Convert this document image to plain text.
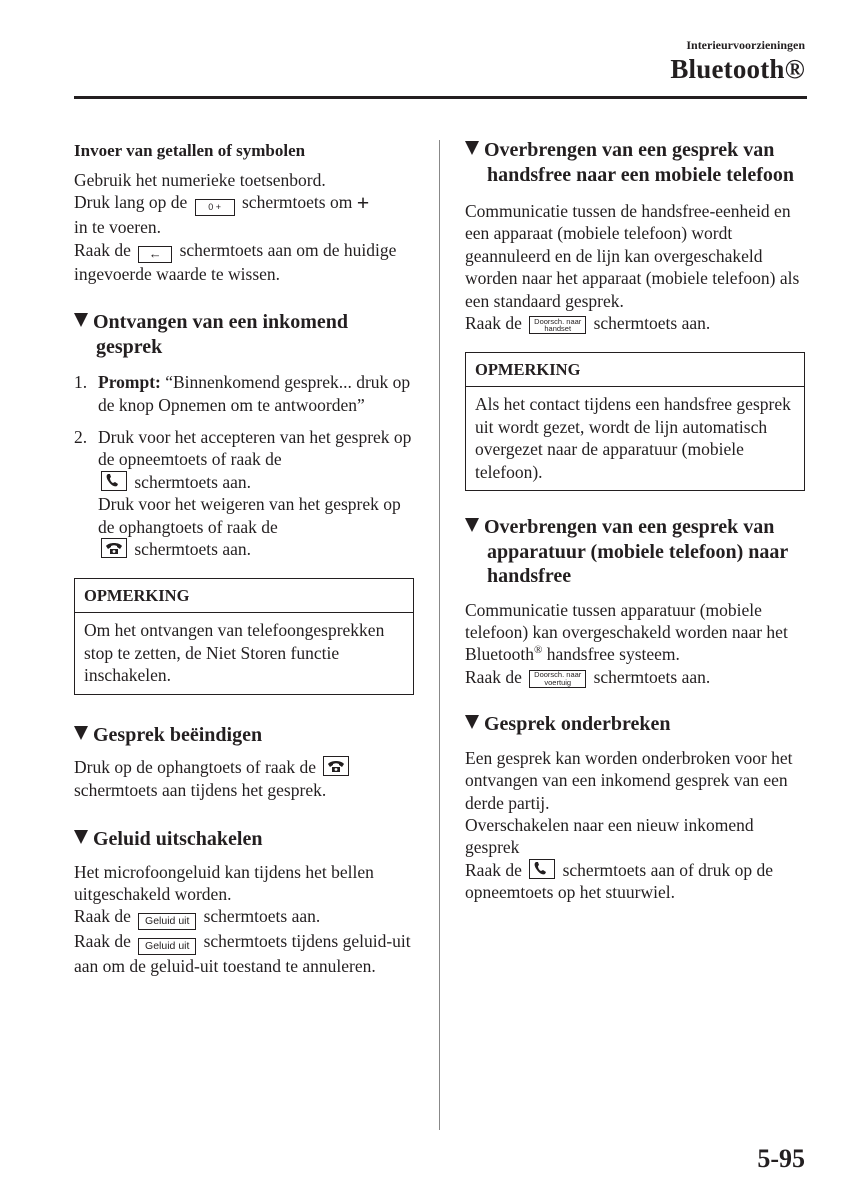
Interieurvoorzieningen
Bluetooth®

Invoer van getallen of symbolen

Gebruik het numerieke toetsenbord.
Druk lang op de 0 + schermtoets om +
in te voeren.
Raak de ← schermtoets aan om de huidige ingevoerde waarde te wissen.

Ontvangen van een inkomend gesprek

1. Prompt: “Binnenkomend gesprek... druk op de knop Opnemen om te antwoorden”
2. Druk voor het accepteren van het gesprek op de opneemtoets of raak de

schermtoets aan.
Druk voor het weigeren van het gesprek op de ophangtoets of raak de

schermtoets aan.
OPMERKING
Om het ontvangen van telefoongesprekken stop te zetten, de Niet Storen functie inschakelen.

Gesprek beëindigen

Druk op de ophangtoets of raak de

schermtoets aan tijdens het gesprek.

Geluid uitschakelen

Het microfoongeluid kan tijdens het bellen uitgeschakeld worden.
Raak de Geluid uit schermtoets aan.
Raak de Geluid uit schermtoets tijdens geluid-uit aan om de geluid-uit toestand te annuleren.

Overbrengen van een gesprek van handsfree naar een mobiele telefoon

Communicatie tussen de handsfree-eenheid en een apparaat (mobiele telefoon) wordt geannuleerd en de lijn kan overgeschakeld worden naar het apparaat (mobiele telefoon) als een standaard gesprek.
Raak de Doorsch. naar
handset schermtoets aan.

OPMERKING
Als het contact tijdens een handsfree gesprek uit wordt gezet, wordt de lijn automatisch overgezet naar de apparatuur (mobiele telefoon).

Overbrengen van een gesprek van apparatuur (mobiele telefoon) naar handsfree

Communicatie tussen apparatuur (mobiele telefoon) kan overgeschakeld worden naar het Bluetooth® handsfree systeem.
Raak de Doorsch. naar
voertuig schermtoets aan.

Gesprek onderbreken

Een gesprek kan worden onderbroken voor het ontvangen van een inkomend gesprek van een derde partij.
Overschakelen naar een nieuw inkomend gesprek
Raak de schermtoets aan of druk op de opneemtoets op het stuurwiel.

5-95
